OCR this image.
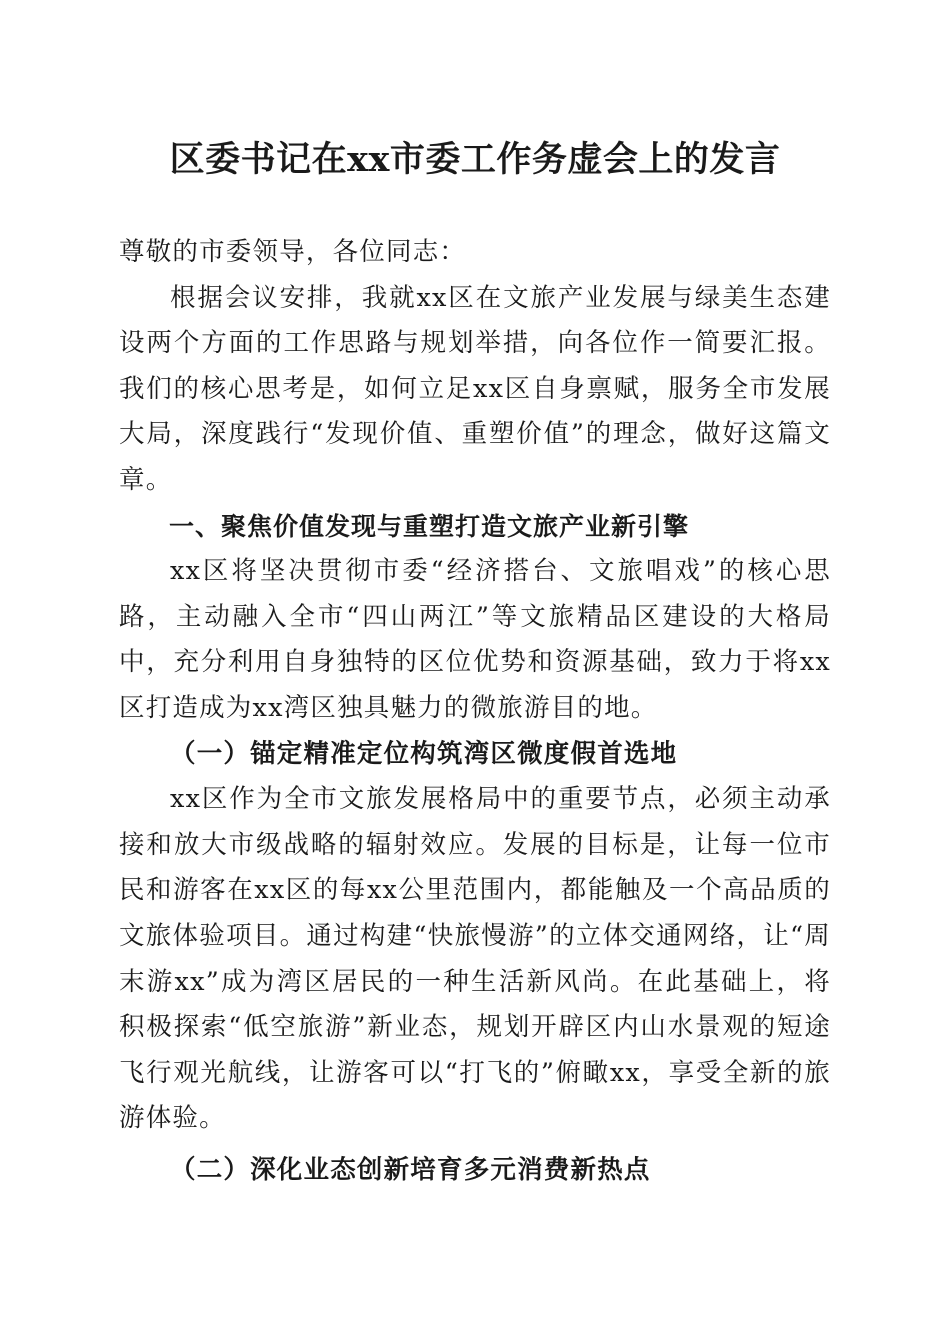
区委书记在xx市委工作务虚会上的发言

尊敬的市委领导，各位同志：

根据会议安排，我就xx区在文旅产业发展与绿美生态建设两个方面的工作思路与规划举措，向各位作一简要汇报。我们的核心思考是，如何立足xx区自身禀赋，服务全市发展大局，深度践行“发现价值、重塑价值”的理念，做好这篇文章。

一、聚焦价值发现与重塑打造文旅产业新引擎

xx区将坚决贯彻市委“经济搭台、文旅唱戏”的核心思路，主动融入全市“四山两江”等文旅精品区建设的大格局中，充分利用自身独特的区位优势和资源基础，致力于将xx区打造成为xx湾区独具魅力的微旅游目的地。

（一）锚定精准定位构筑湾区微度假首选地

xx区作为全市文旅发展格局中的重要节点，必须主动承接和放大市级战略的辐射效应。发展的目标是，让每一位市民和游客在xx区的每xx公里范围内，都能触及一个高品质的文旅体验项目。通过构建“快旅慢游”的立体交通网络，让“周末游xx”成为湾区居民的一种生活新风尚。在此基础上，将积极探索“低空旅游”新业态，规划开辟区内山水景观的短途飞行观光航线，让游客可以“打飞的”俯瞰xx，享受全新的旅游体验。

（二）深化业态创新培育多元消费新热点
